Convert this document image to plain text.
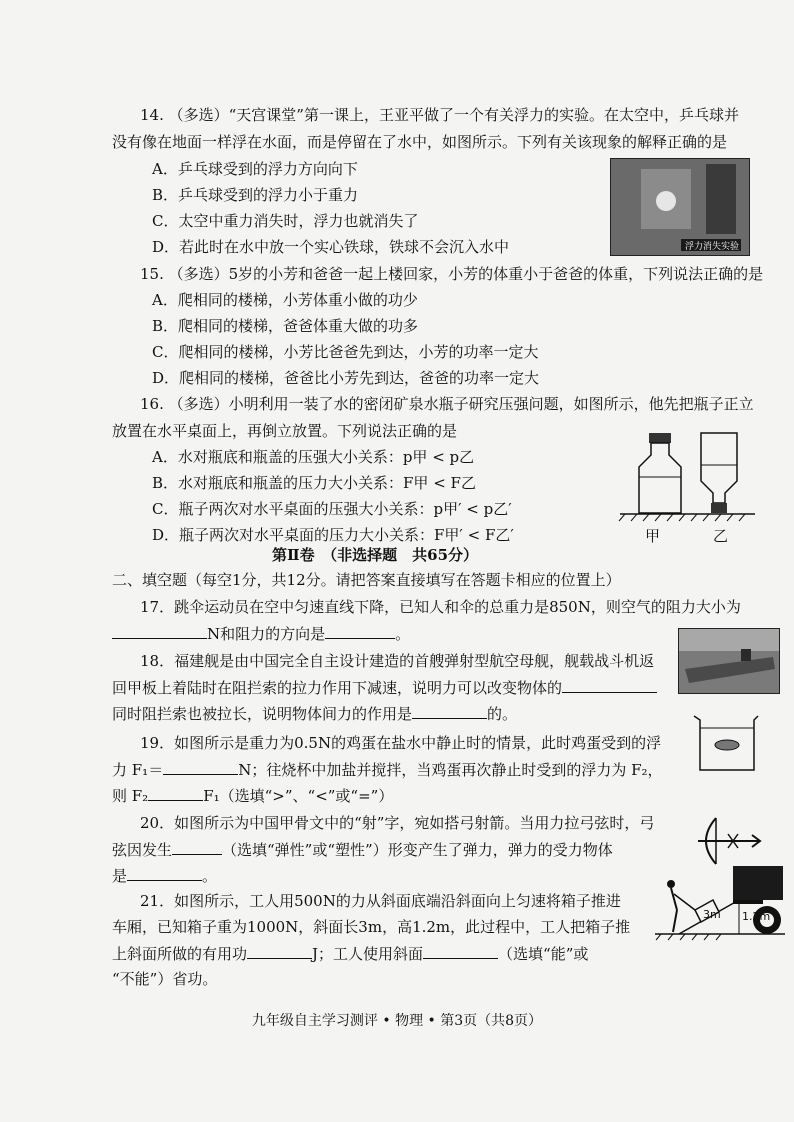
14. （多选）“天宫课堂”第一课上，王亚平做了一个有关浮力的实验。在太空中，乒乓球并
没有像在地面一样浮在水面，而是停留在了水中，如图所示。下列有关该现象的解释正确的是
A．乒乓球受到的浮力方向向下
B．乒乓球受到的浮力小于重力
C．太空中重力消失时，浮力也就消失了
D．若此时在水中放一个实心铁球，铁球不会沉入水中	浮力消失实验
15. （多选）5岁的小芳和爸爸一起上楼回家，小芳的体重小于爸爸的体重，下列说法正确的是
A．爬相同的楼梯，小芳体重小做的功少
B．爬相同的楼梯，爸爸体重大做的功多
C．爬相同的楼梯，小芳比爸爸先到达，小芳的功率一定大
D．爬相同的楼梯，爸爸比小芳先到达，爸爸的功率一定大
16. （多选）小明利用一装了水的密闭矿泉水瓶子研究压强问题，如图所示，他先把瓶子正立
放置在水平桌面上，再倒立放置。下列说法正确的是
A．水对瓶底和瓶盖的压强大小关系：p甲 < p乙
B．水对瓶底和瓶盖的压力大小关系：F甲 < F乙
C．瓶子两次对水平桌面的压强大小关系：p甲′ < p乙′
D．瓶子两次对水平桌面的压力大小关系：F甲′ < F乙′	甲	乙
第Ⅱ卷　（非选择题　共65分）
二、填空题（每空1分，共12分。请把答案直接填写在答题卡相应的位置上）
17．跳伞运动员在空中匀速直线下降，已知人和伞的总重力是850N，则空气的阻力大小为
N和阻力的方向是	。
18．福建舰是由中国完全自主设计建造的首艘弹射型航空母舰，舰载战斗机返
回甲板上着陆时在阻拦索的拉力作用下减速，说明力可以改变物体的
同时阻拦索也被拉长，说明物体间力的作用是	的。
19．如图所示是重力为0.5N的鸡蛋在盐水中静止时的情景，此时鸡蛋受到的浮
力 F₁＝	N；往烧杯中加盐并搅拌，当鸡蛋再次静止时受到的浮力为 F₂，
则 F₂	F₁（选填“>”、“<”或“=”）
20．如图所示为中国甲骨文中的“射”字，宛如搭弓射箭。当用力拉弓弦时，弓
弦因发生	（选填“弹性”或“塑性”）形变产生了弹力，弹力的受力物体
是	。
21．如图所示，工人用500N的力从斜面底端沿斜面向上匀速将箱子推进
车厢，已知箱子重为1000N，斜面长3m，高1.2m，此过程中，工人把箱子推
上斜面所做的有用功	J；工人使用斜面	（选填“能”或
“不能”）省功。
3m 1.2m
九年级自主学习测评 • 物理 • 第3页（共8页）
